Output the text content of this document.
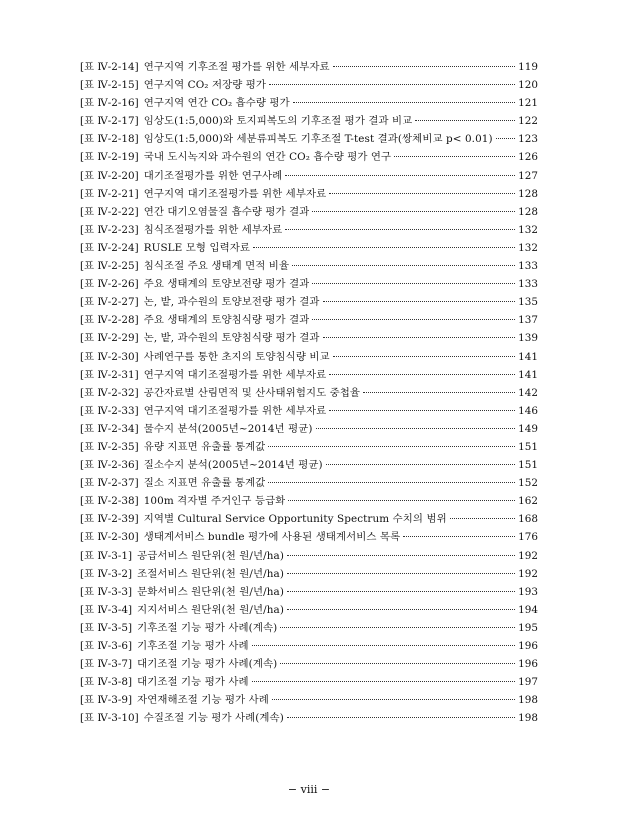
[표 Ⅳ-2-14] 연구지역 기후조절 평가를 위한 세부자료	119
[표 Ⅳ-2-15] 연구지역 CO₂ 저장량 평가	120
[표 Ⅳ-2-16] 연구지역 연간 CO₂ 흡수량 평가	121
[표 Ⅳ-2-17] 임상도(1:5,000)와 토지피복도의 기후조절 평가 결과 비교	122
[표 Ⅳ-2-18] 임상도(1:5,000)와 세분류피복도 기후조절 T-test 결과(쌍체비교 p< 0.01) 123
[표 Ⅳ-2-19] 국내 도시녹지와 과수원의 연간 CO₂ 흡수량 평가 연구	126
[표 Ⅳ-2-20] 대기조절평가를 위한 연구사례	127
[표 Ⅳ-2-21] 연구지역 대기조절평가를 위한 세부자료	128
[표 Ⅳ-2-22] 연간 대기오염물질 흡수량 평가 결과	128
[표 Ⅳ-2-23] 침식조절평가를 위한 세부자료	132
[표 Ⅳ-2-24] RUSLE 모형 입력자료	132
[표 Ⅳ-2-25] 침식조절 주요 생태계 면적 비율	133
[표 Ⅳ-2-26] 주요 생태계의 토양보전량 평가 결과	133
[표 Ⅳ-2-27] 논, 밭, 과수원의 토양보전량 평가 결과	135
[표 Ⅳ-2-28] 주요 생태계의 토양침식량 평가 결과	137
[표 Ⅳ-2-29] 논, 밭, 과수원의 토양침식량 평가 결과	139
[표 Ⅳ-2-30] 사례연구를 통한 초지의 토양침식량 비교	141
[표 Ⅳ-2-31] 연구지역 대기조절평가를 위한 세부자료	141
[표 Ⅳ-2-32] 공간자료별 산림면적 및 산사태위험지도 중첩율	142
[표 Ⅳ-2-33] 연구지역 대기조절평가를 위한 세부자료	146
[표 Ⅳ-2-34] 물수지 분석(2005년~2014년 평균)	149
[표 Ⅳ-2-35] 유량 지표면 유출률 통계값	151
[표 Ⅳ-2-36] 질소수지 분석(2005년~2014년 평균)	151
[표 Ⅳ-2-37] 질소 지표면 유출률 통계값	152
[표 Ⅳ-2-38] 100m 격자별 주거인구 등급화	162
[표 Ⅳ-2-39] 지역별 Cultural Service Opportunity Spectrum 수치의 범위	168
[표 Ⅳ-2-30] 생태계서비스 bundle 평가에 사용된 생태계서비스 목록	176
[표 Ⅳ-3-1] 공급서비스 원단위(천 원/년/ha)	192
[표 Ⅳ-3-2] 조절서비스 원단위(천 원/년/ha)	192
[표 Ⅳ-3-3] 문화서비스 원단위(천 원/년/ha)	193
[표 Ⅳ-3-4] 지지서비스 원단위(천 원/년/ha)	194
[표 Ⅳ-3-5] 기후조절 기능 평가 사례(계속)	195
[표 Ⅳ-3-6] 기후조절 기능 평가 사례	196
[표 Ⅳ-3-7] 대기조절 기능 평가 사례(계속)	196
[표 Ⅳ-3-8] 대기조절 기능 평가 사례	197
[표 Ⅳ-3-9] 자연재해조절 기능 평가 사례	198
[표 Ⅳ-3-10] 수질조절 기능 평가 사례(계속)	198
− viii −
